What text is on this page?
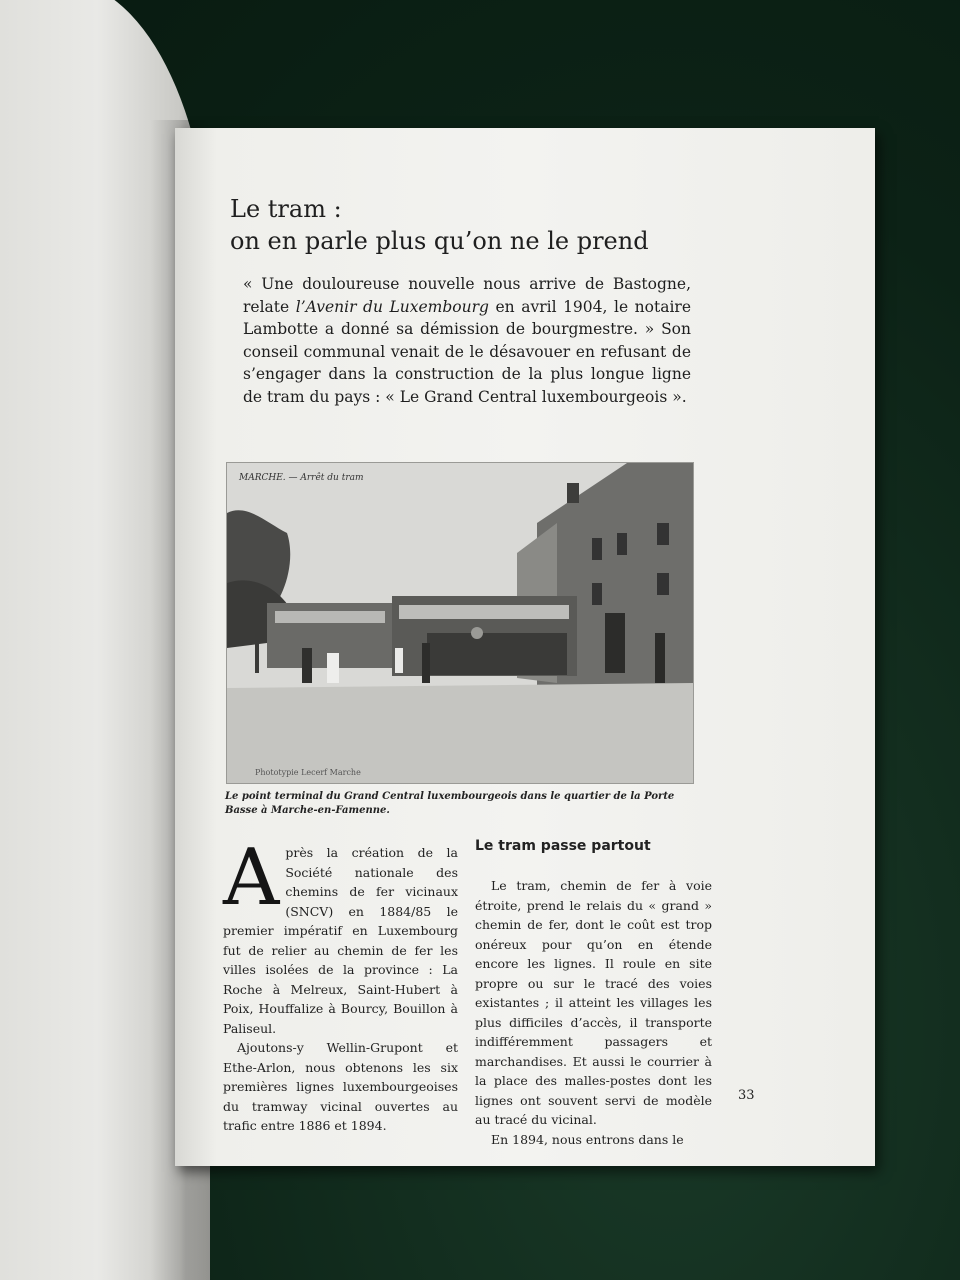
Le tram :
on en parle plus qu’on ne le prend
« Une douloureuse nouvelle nous arrive de Bastogne, relate l’Avenir du Luxembourg en avril 1904, le notaire Lambotte a donné sa démission de bourgmestre. » Son conseil communal venait de le désavouer en refusant de s’engager dans la construction de la plus longue ligne de tram du pays : « Le Grand Central luxembourgeois ».
MARCHE. — Arrêt du tram
Phototypie Lecerf Marche
Le point terminal du Grand Central luxembourgeois dans le quartier de la Porte Basse à Marche-en-Famenne.
A près la création de la Société nationale des chemins de fer vicinaux (SNCV) en 1884/85 le premier impératif en Luxembourg fut de relier au chemin de fer les villes isolées de la province : La Roche à Melreux, Saint-Hubert à Poix, Houffalize à Bourcy, Bouillon à Paliseul.

Ajoutons-y Wellin-Grupont et Ethe-Arlon, nous obtenons les six premières lignes luxembourgeoises du tramway vicinal ouvertes au trafic entre 1886 et 1894.

Le tram passe partout

Le tram, chemin de fer à voie étroite, prend le relais du « grand » chemin de fer, dont le coût est trop onéreux pour qu’on en étende encore les lignes. Il roule en site propre ou sur le tracé des voies existantes ; il atteint les villages les plus difficiles d’accès, il transporte indifféremment passagers et marchandises. Et aussi le courrier à la place des malles-postes dont les lignes ont souvent servi de modèle au tracé du vicinal.

En 1894, nous entrons dans le

33
